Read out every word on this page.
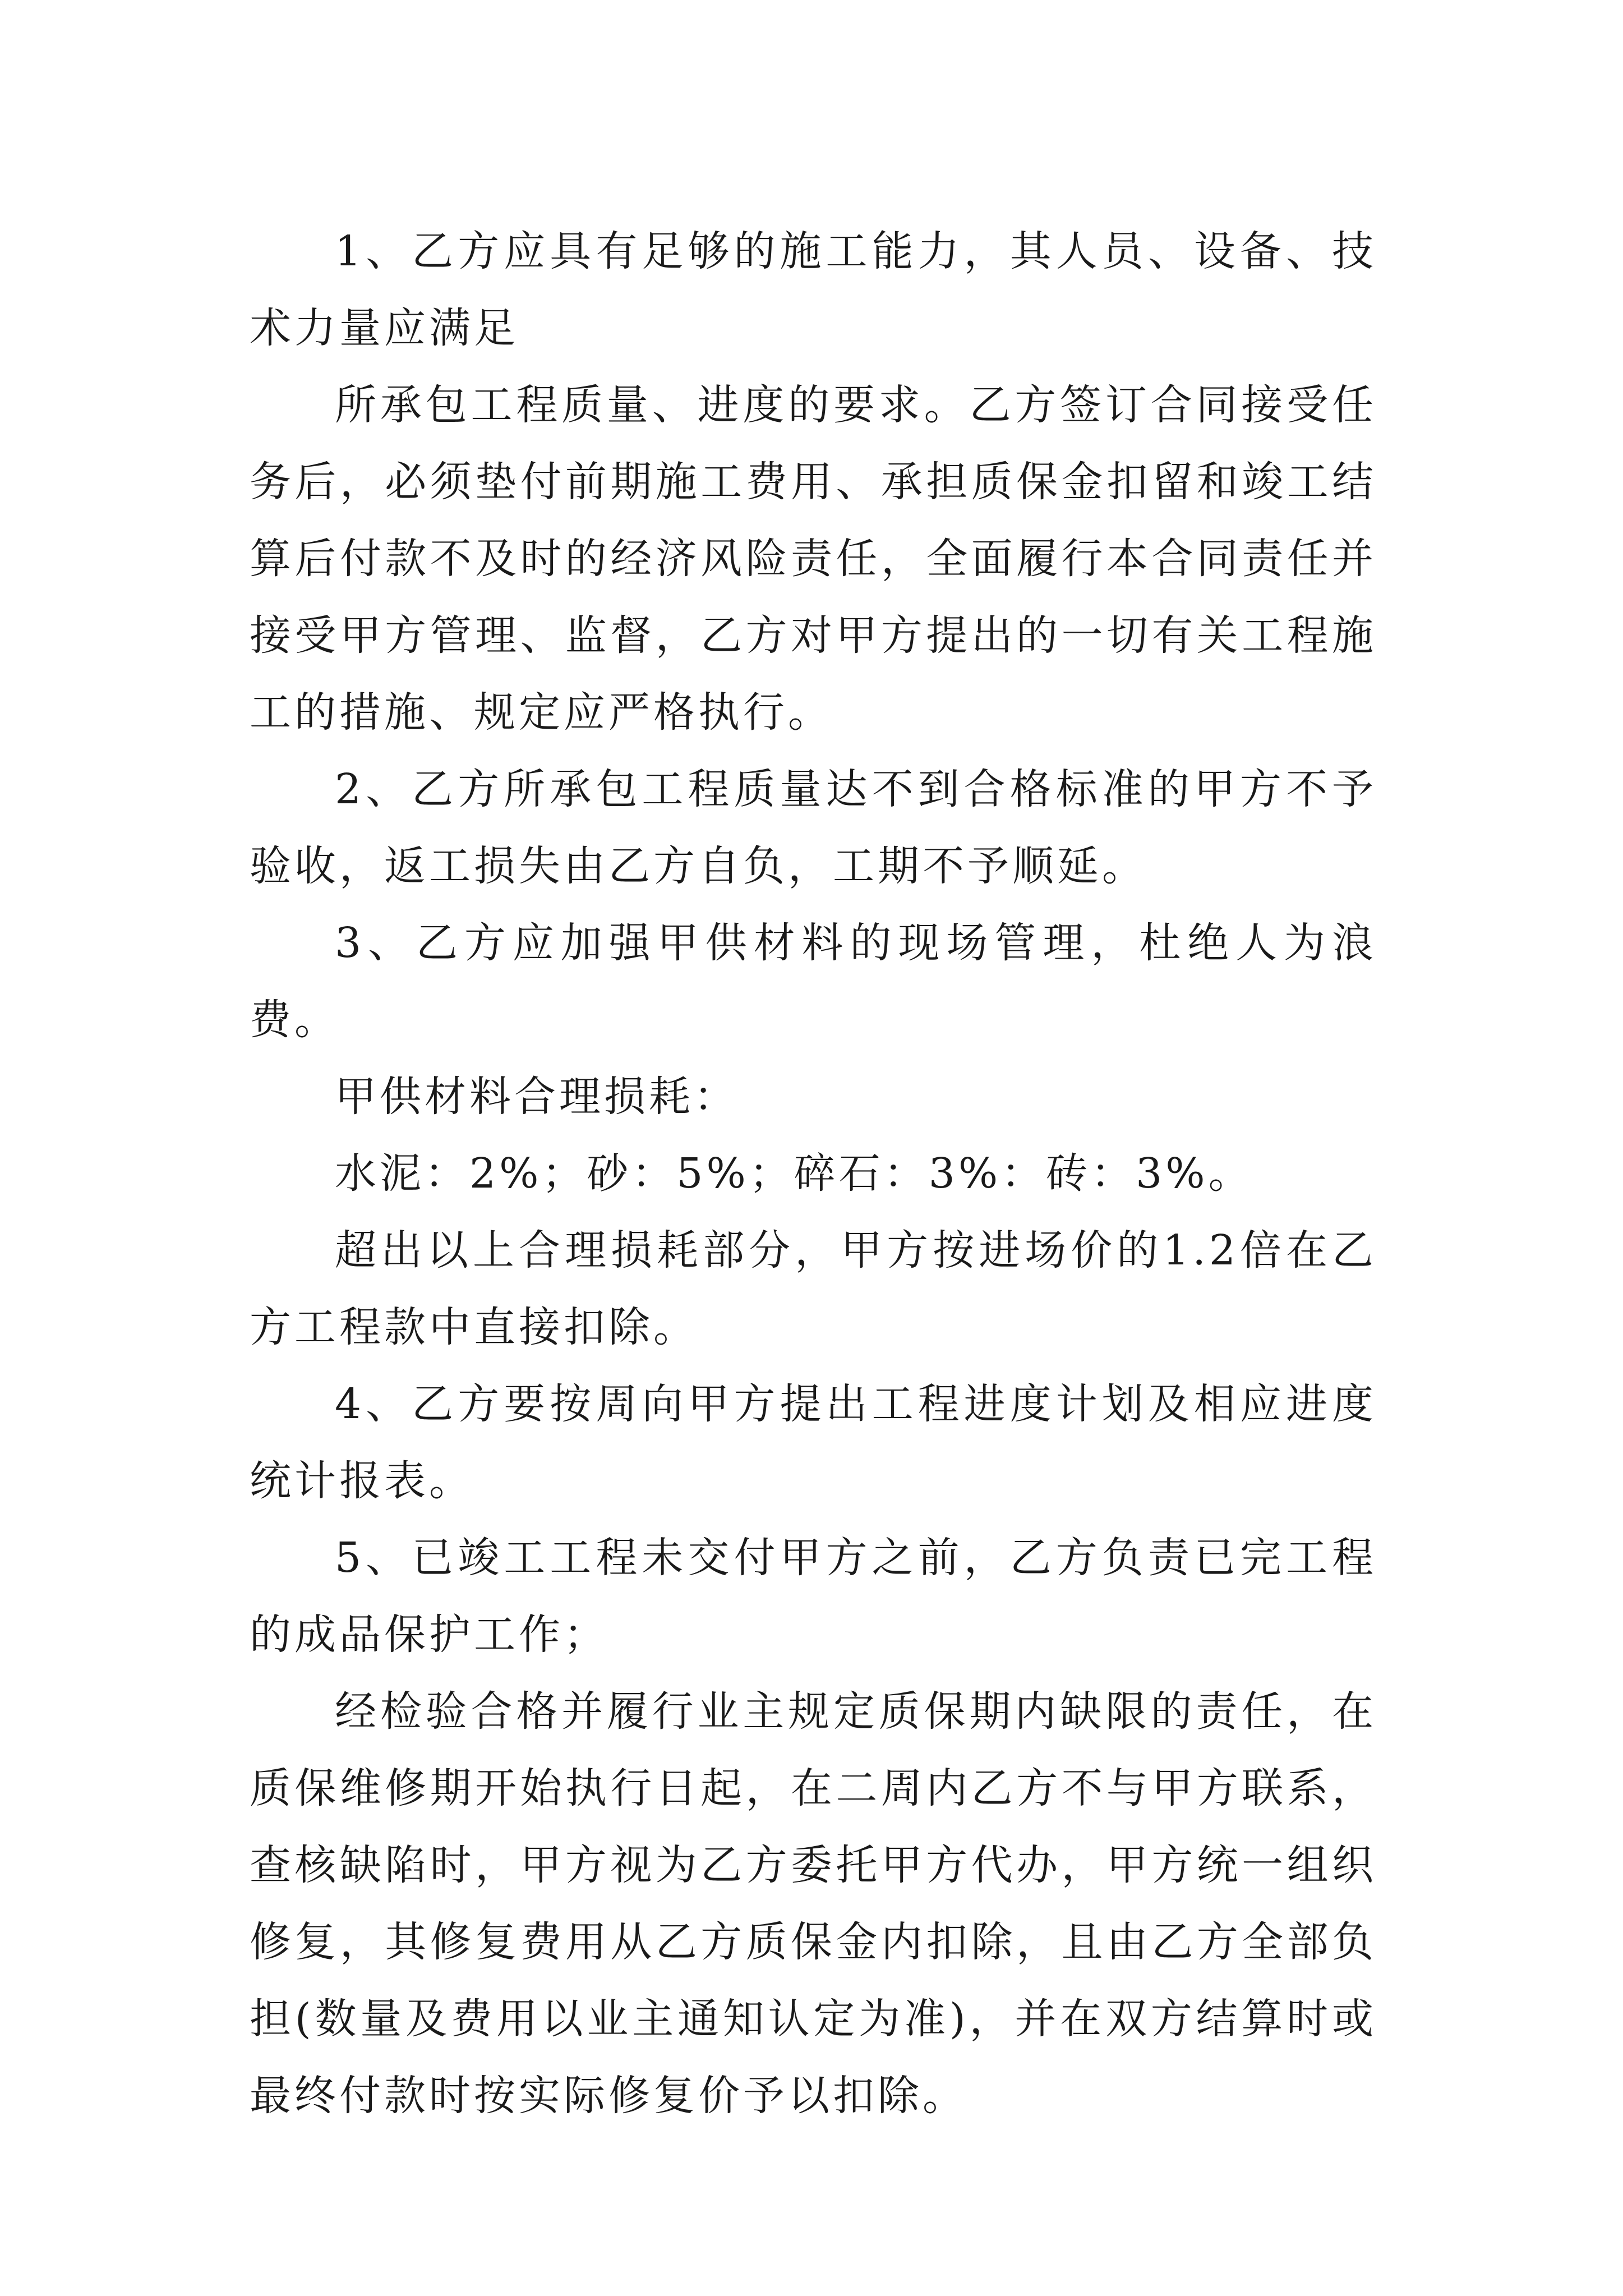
1、乙方应具有足够的施工能力，其人员、设备、技术力量应满足

所承包工程质量、进度的要求。乙方签订合同接受任务后，必须垫付前期施工费用、承担质保金扣留和竣工结算后付款不及时的经济风险责任，全面履行本合同责任并接受甲方管理、监督，乙方对甲方提出的一切有关工程施工的措施、规定应严格执行。

2、乙方所承包工程质量达不到合格标准的甲方不予验收，返工损失由乙方自负，工期不予顺延。

3、乙方应加强甲供材料的现场管理，杜绝人为浪费。

甲供材料合理损耗：

水泥：2%；砂：5%；碎石：3%：砖：3%。

超出以上合理损耗部分，甲方按进场价的1.2倍在乙方工程款中直接扣除。

4、乙方要按周向甲方提出工程进度计划及相应进度统计报表。

5、已竣工工程未交付甲方之前，乙方负责已完工程的成品保护工作；

经检验合格并履行业主规定质保期内缺限的责任，在质保维修期开始执行日起，在二周内乙方不与甲方联系，查核缺陷时，甲方视为乙方委托甲方代办，甲方统一组织修复，其修复费用从乙方质保金内扣除，且由乙方全部负担(数量及费用以业主通知认定为准)，并在双方结算时或最终付款时按实际修复价予以扣除。
